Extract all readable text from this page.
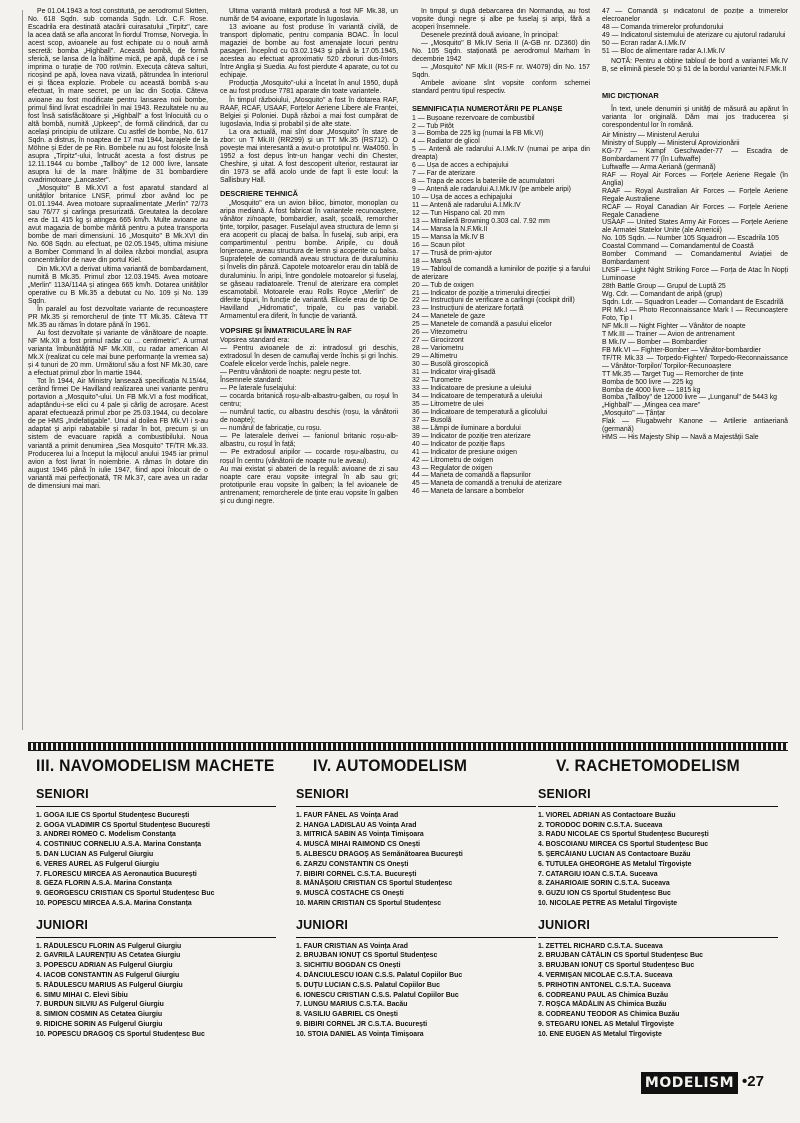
Pe 01.04.1943 a fost constituită, pe aerodromul Skitten, No. 618 Sqdn. sub comanda Sqdn. Ldr. C.F. Rose. Escadrila era destinată atacării cuirasatului „Tirpitz", care la acea dată se afla ancorat în fiordul Tromsø, Norvegia. În acest scop, avioanele au fost echipate cu o nouă armă secretă: bomba „Highball". Această bombă, de formă sferică, se lansa de la înălțime mică, pe apă, după ce i se imprima o turație de 700 rot/min. Execuța câteva salturi, ricoșind pe apă, lovea nava vizată, pătrundea în interiorul ei și făcea explozie. Probele cu această bombă s-au efectuat, în mare secret, pe un lac din Scoția. Câteva avioane au fost modificate pentru lansarea noii bombe, primul fiind livrat escadrilei în mai 1943. Rezultatele nu au fost însă satisfăcătoare și „Highball" a fost înlocuită cu o altă bombă, numită „Upkeep", de formă cilindrică, dar cu același principiu de utilizare. Cu astfel de bombe, No. 617 Sqdn. a distrus, în noaptea de 17 mai 1944, barajele de la Möhne și Eder de pe Rin. Bombele nu au fost folosite însă asupra „Tirpitz"-ului, întrucât acesta a fost distrus pe 12.11.1944 cu bombe „Tallboy" de 12 000 livre, lansate asupra lui de la mare înălțime de 31 bombardiere cvadrimotoare „Lancaster".

„Mosquito" B Mk.XVI a fost aparatul standard al unităților britanice LNSF, primul zbor având loc pe 01.01.1944. Avea motoare supraalimentate „Merlin" 72/73 sau 76/77 și carlinga presurizată. Greutatea la decolare era de 11 415 kg și atingea 665 km/h. Multe avioane au avut magazia de bombe mărită pentru a putea transporta bombe de mari dimensiuni. 16 „Mosquito" B Mk.XVI din No. 608 Sqdn. au efectuat, pe 02.05.1945, ultima misiune a Bomber Command în al doilea război mondial, asupra concentrărilor de nave din portul Kiel.

Din Mk.XVI a derivat ultima variantă de bombardament, numită B Mk.35. Primul zbor 12.03.1945. Avea motoare „Merlin" 113A/114A și atingea 665 km/h. Dotarea unităților operative cu B Mk.35 a debutat cu No. 109 și No. 139 Sqdn.

În paralel au fost dezvoltate variante de recunoaștere PR Mk.35 și remorcherul de ținte TT Mk.35. Câteva TT Mk.35 au rămas în dotare până în 1961.

Au fost dezvoltate și variante de vânătoare de noapte. NF Mk.XII a fost primul radar cu ... centimetric". A urmat varianta îmbunătățită NF Mk.XIII, cu radar american AI Mk.X (realizat cu cele mai bune performanțe la vremea sa) și 4 tunuri de 20 mm. Următorul său a fost NF Mk.30, care a efectuat primul zbor în martie 1944.

Tot în 1944, Air Ministry lansează specificația N.15/44, cerând firmei De Havilland realizarea unei variante pentru portavion a „Mosquito"-ului. Un FB Mk.VI a fost modificat, adaptându-i-se elici cu 4 pale și cârlig de acroșare. Acest aparat efectuează primul zbor pe 25.03.1944, cu decolare de pe HMS „Indefatigable". Unui al doilea FB Mk.VI i s-au adaptat și aripi rabatabile și radar în bot, precum și un sistem de evacuare rapidă a combustibilului. Noua variantă a primit denumirea „Sea Mosquito" TF/TR Mk.33. Producerea lui a început la mijlocul anului 1945 iar primul avion a fost livrat în noiembrie. A rămas în dotare din august 1946 până în iulie 1947, fiind apoi înlocuit de o variantă mai perfecționată, TR Mk.37, care avea un radar de dimensiuni mai mari.

Ultima variantă militară produsă a fost NF Mk.38, un număr de 54 avioane, exportate în Iugoslavia.

13 avioane au fost produse în variantă civilă, de transport diplomatic, pentru compania BOAC. În locul magaziei de bombe au fost amenajate locuri pentru pasageri. Începînd cu 03.02.1943 și până la 17.05.1945, acestea au efectuat aproximativ 520 zboruri dus-întors între Anglia și Suedia. Au fost pierdute 4 aparate, cu tot cu echipaje.

Producția „Mosquito"-ului a încetat în anul 1950, după ce au fost produse 7781 aparate din toate variantele.

În timpul războiului, „Mosquito" a fost în dotarea RAF, RAAF, RCAF, USAAF, Forțelor Aeriene Libere ale Franței, Belgiei și Poloniei. După război a mai fost cumpărat de Iugoslavia, India și probabil și de alte state.

La ora actuală, mai sînt doar „Mosquito" în stare de zbor: un T Mk.III (RR299) și un TT Mk.35 (RS712). O povește mai interesantă a avut-o prototipul nr. Wa4050. În 1952 a fost depus într-un hangar vechi din Chester, Cheshire, și uitat. A fost descoperit ulterior, restaurat iar din 1973 se află acolo unde de fapt îi este locul: la Sallisbury Hall.

DESCRIERE TEHNICĂ

„Mosquito" era un avion bilioc, bimotor, monoplan cu aripa mediană. A fost fabricat în variantele recunoaștere, vânător zi/noapte, bombardier, asalt, școală, remorcher ținte, torpilor, pasager. Fuselajul avea structura de lemn și era acoperit cu placaj de balsa. În fuselaj, sub aripi, era compartimentul pentru bombe. Aripile, cu două lonjeroane, aveau structura de lemn și acoperite cu balsa. Suprafețele de comandă aveau structura de duraluminiu și învelis din pânză. Capotele motoarelor erau din tablă de duraluminiu. În aripi, între gondolele motoarelor și fuselaj, se găseau radiatoarele. Trenul de aterizare era complet escamotabil. Motoarele erau Rolls Royce „Merlin" de diferite tipuri, în funcție de variantă. Elicele erau de tip De Havilland „Hidromatic", tripale, cu pas variabil. Armamentul era diferit, în funcție de variantă.

VOPSIRE ȘI ÎNMATRICULARE ÎN RAF
Vopsirea standard era:
— Pentru avioanele de zi: intradosul gri deschis, extradosul în desen de camuflaj verde închis și gri închis. Coafele elicelor verde închis, palele negre.
— Pentru vânătorii de noapte: negru peste tot.
Însemnele standard:
— Pe laterale fuselajului:
— cocarda britanică roșu-alb-albastru-galben, cu roșul în centru;
— numărul tactic, cu albastru deschis (roșu, la vânătorii de noapte);
— numărul de fabricație, cu roșu.
— Pe lateralele derivei — fanionul britanic roșu-alb-albastru, cu roșul în față;
— Pe extradosul aripilor — cocarde roșu-albastru, cu roșul în centru (vânătorii de noapte nu le aveau).
Au mai existat și abateri de la regulă: avioane de zi sau noapte care erau vopsite integral în alb sau gri; prototipurile erau vopsite în galben; la fel avioanele de antrenament; remorcherele de ținte erau vopsite în galben și cu dungi negre.

În timpul și după debarcarea din Normandia, au fost vopsite dungi negre și albe pe fuselaj și aripi, fără a acoperi însemnele.

Desenele prezintă două avioane, în principal:

— „Mosquito" B Mk.IV Seria II (A-GB nr. DZ360) din No. 105 Sqdn. staționată pe aerodromul Marham în decembrie 1942

— „Mosquito" NF Mk.II (RS-F nr. W4079) din No. 157 Sqdn.

Ambele avioane sînt vopsite conform schemei standard pentru tipul respectiv.

SEMNIFICAȚIA NUMEROTĂRII PE PLANȘE
1 — Bușoane rezervoare de combustibil
2 — Tub Pitôt
3 — Bomba de 225 kg (numai la FB Mk.VI)
4 — Radiator de glicol
5 — Antenă ale radarului A.I.Mk.IV (numai pe aripa din dreapta)
6 — Ușa de acces a echipajului
7 — Far de aterizare
8 — Trapa de acces la bateriile de acumulatori
9 — Antenă ale radarului A.I.Mk.IV (pe ambele aripi)
10 — Ușa de acces a echipajului
11 — Antenă ale radarului A.I.Mk.IV
12 — Tun Hispano cal. 20 mm
13 — Mitralieră Browning 0.303 cal. 7.92 mm
14 — Mansa la N.F.Mk.II
15 — Mansa la Mk.IV B
16 — Scaun pilot
17 — Trusă de prim-ajutor
18 — Manșă
19 — Tabloul de comandă a luminilor de poziție și a farului de aterizare
20 — Tub de oxigen
21 — Indicator de poziție a trimerului direcției
22 — Instrucțiuni de verificare a carlingii (cockpit drill)
23 — Instrucțiuni de aterizare forțată
24 — Manetele de gaze
25 — Manetele de comandă a pasului elicelor
26 — Vitezometru
27 — Girocirzont
28 — Variometru
29 — Altimetru
30 — Busolă giroscopică
31 — Indicator viraj-glisadă
32 — Turometre
33 — Indicatoare de presiune a uleiului
34 — Indicatoare de temperatură a uleiului
35 — Litrometre de ulei
36 — Indicatoare de temperatură a glicolului
37 — Busolă
38 — Lămpi de iluminare a bordului
39 — Indicator de poziție tren aterizare
40 — Indicator de poziție flaps
41 — Indicator de presiune oxigen
42 — Litrometru de oxigen
43 — Regulator de oxigen
44 — Maneta de comandă a flapsurilor
45 — Maneta de comandă a trenului de aterizare
46 — Maneta de lansare a bombelor
47 — Comandă și indicatorul de poziție a trimerelor elecroanelor
48 — Comanda trimerelor profundorului
49 — Indicatorul sistemului de aterizare cu ajutorul radarului
50 — Ecran radar A.I.Mk.IV
51 — Bloc de alimentare radar A.I.Mk.IV

NOTĂ: Pentru a obține tabloul de bord a variantei Mk.IV B, se elimină piesele 50 și 51 de la bordul variantei N.F.Mk.II

MIC DICȚIONAR

În text, unele denumiri și unități de măsură au apărut în varianta lor originală. Dăm mai jos traducerea și corespondentul lor în română.

Air Ministry — Ministerul Aerului
Ministry of Supply — Ministerul Aprovizionării
KG-77 — Kampf Geschwader-77 — Escadra de Bombardament 77 (în Luftwaffe)
Luftwaffe — Arma Aeriană (germană)
RAF — Royal Air Forces — Forțele Aeriene Regale (în Anglia)
RAAF — Royal Australian Air Forces — Forțele Aeriene Regale Australiene
RCAF — Royal Canadian Air Forces — Forțele Aeriene Regale Canadiene
USAAF — United States Army Air Forces — Forțele Aeriene ale Armatei Statelor Unite (ale Americii)
No. 105 Sqdn. — Number 105 Squadron — Escadrila 105
Coastal Command — Comandamentul de Coastă
Bomber Command — Comandamentul Aviației de Bombardament
LNSF — Light Night Striking Force — Forța de Atac în Nopți Luminoase
28th Battle Group — Grupul de Luptă 25
Wg. Cdr. — Comandant de aripă (grup)
Sqdn. Ldr. — Squadron Leader — Comandant de Escadrilă
PR Mk.I — Photo Reconnaissance Mark I — Recunoaștere Foto, Tip I
NF Mk.II — Night Fighter — Vânător de noapte
T Mk.III — Trainer — Avion de antrenament
B Mk.IV — Bomber — Bombardier
FB Mk.VI — Fighter-Bomber — Vânător-bombardier
TF/TR Mk.33 — Torpedo-Fighter/ Torpedo-Reconnaissance — Vânător-Torpilor/ Torpilor-Recunoaștere
TT Mk.35 — Target Tug — Remorcher de ținte
Bomba de 500 livre — 225 kg
Bomba de 4000 livre — 1815 kg
Bomba „Tallboy" de 12000 livre — „Lunganul" de 5443 kg
„Highball" — „Mingea cea mare"
„Mosquito" — Țânțar
Flak — Flugabwehr Kanone — Artilerie antiaeriană (germană)
HMS — His Majesty Ship — Navă a Majestății Sale
III. NAVOMODELISM MACHETE IV. AUTOMODELISM	V. RACHETOMODELISM
SENIORI
1. GOGA ILIE CS Sportul Studențesc București
2. GOGA VLADIMIR CS Sportul Studențesc București
3. ANDREI ROMEO C. Modelism Constanța
4. COSTINIUC CORNELIU A.S.A. Marina Constanța
5. DAN LUCIAN AS Fulgerul Giurgiu
6. VERES AUREL AS Fulgerul Giurgiu
7. FLORESCU MIRCEA AS Aeronautica București
8. GEZA FLORIN A.S.A. Marina Constanța
9. GEORGESCU CRISTIAN CS Sportul Studențesc Buc
10. POPESCU MIRCEA A.S.A. Marina Constanța
JUNIORI
1. RĂDULESCU FLORIN AS Fulgerul Giurgiu
2. GAVRILĂ LAURENȚIU AS Cetatea Giurgiu
3. POPESCU ADRIAN AS Fulgerul Giurgiu
4. IACOB CONSTANTIN AS Fulgerul Giurgiu
5. RĂDULESCU MARIUS AS Fulgerul Giurgiu
6. SIMU MIHAI C. Elevi Sibiu
7. BURDUN SILVIU AS Fulgerul Giurgiu
8. SIMION COSMIN AS Cetatea Giurgiu
9. RIDICHE SORIN AS Fulgerul Giurgiu
10. POPESCU DRAGOȘ CS Sportul Studențesc Buc
SENIORI
1. FAUR FĂNEL AS Voința Arad
2. HANGA LADISLAU AS Voința Arad
3. MITRICĂ SABIN AS Voința Timișoara
4. MUSCĂ MIHAI RAIMOND CS Onești
5. ALBESCU DRAGOȘ AS Semănătoarea București
6. ZARZU CONSTANTIN CS Onești
7. BIBIRI CORNEL C.S.T.A. București
8. MĂNĂȘOIU CRISTIAN CS Sportul Studențesc
9. MUSCĂ COSTACHE CS Onești
10. MARIN CRISTIAN CS Sportul Studențesc
JUNIORI
1. FAUR CRISTIAN AS Voința Arad
2. BRUJBAN IONUȚ CS Sportul Studențesc
3. SICHITIU BOGDAN CS Onești
4. DĂNCIULESCU IOAN C.S.S. Palatul Copiilor Buc
5. DUȚU LUCIAN C.S.S. Palatul Copiilor Buc
6. IONESCU CRISTIAN C.S.S. Palatul Copiilor Buc
7. LUNGU MARIUS C.S.T.A. Bacău
8. VASILIU GABRIEL CS Onești
9. BIBIRI CORNEL JR C.S.T.A. București
10. STOIA DANIEL AS Voința Timișoara
SENIORI
1. VIOREL ADRIAN AS Contactoare Buzău
2. TORODOC DORIN C.S.T.A. Suceava
3. RADU NICOLAE CS Sportul Studențesc București
4. BOSCOIANU MIRCEA CS Sportul Studențesc Buc
5. ȘERCĂIANU LUCIAN AS Contactoare Buzău
6. TUTULEA GHEORGHE AS Metalul Tîrgoviște
7. CATARGIU IOAN C.S.T.A. Suceava
8. ZAHARIOAIE SORIN C.S.T.A. Suceava
9. GUZU ION CS Sportul Studențesc Buc
10. NICOLAE PETRE AS Metalul Tîrgoviște
JUNIORI
1. ZETTEL RICHARD C.S.T.A. Suceava
2. BRUJBAN CĂTĂLIN CS Sportul Studențesc Buc
3. BRUJBAN IONUȚ CS Sportul Studențesc Buc
4. VERMIȘAN NICOLAE C.S.T.A. Suceava
5. PRIHOTIN ANTONEL C.S.T.A. Suceava
6. CODREANU PAUL AS Chimica Buzău
7. ROȘCA MĂDĂLIN AS Chimica Buzău
8. CODREANU TEODOR AS Chimica Buzău
9. STEGARU IONEL AS Metalul Tîrgoviște
10. ENE EUGEN AS Metalul Tîrgoviște
MODELISM •27
